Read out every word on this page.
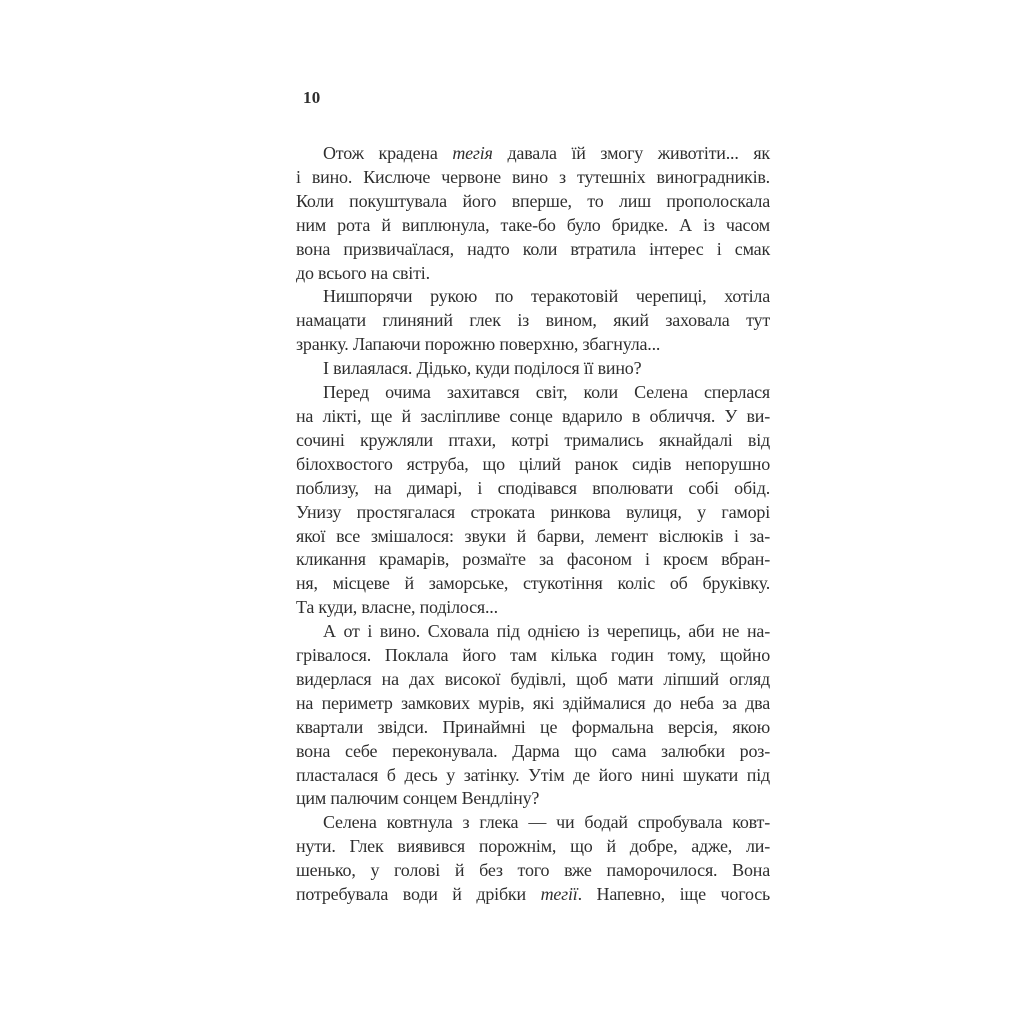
10
Отож крадена тегія давала їй змогу животіти... як
і вино. Кислюче червоне вино з тутешніх виноградників.
Коли покуштувала його вперше, то лиш прополоскала
ним рота й виплюнула, таке-бо було бридке. А із часом
вона призвичаїлася, надто коли втратила інтерес і смак
до всього на світі.
Нишпорячи рукою по теракотовій черепиці, хотіла
намацати глиняний глек із вином, який заховала тут
зранку. Лапаючи порожню поверхню, збагнула...
І вилаялася. Дідько, куди поділося її вино?
Перед очима захитався світ, коли Селена сперлася
на лікті, ще й засліпливе сонце вдарило в обличчя. У ви-
сочині кружляли птахи, котрі тримались якнайдалі від
білохвостого яструба, що цілий ранок сидів непорушно
поблизу, на димарі, і сподівався вполювати собі обід.
Унизу простягалася строката ринкова вулиця, у гаморі
якої все змішалося: звуки й барви, лемент віслюків і за-
кликання крамарів, розмаїте за фасоном і кроєм вбран-
ня, місцеве й заморське, стукотіння коліс об бруківку.
Та куди, власне, поділося...
А от і вино. Сховала під однією із черепиць, аби не на-
грівалося. Поклала його там кілька годин тому, щойно
видерлася на дах високої будівлі, щоб мати ліпший огляд
на периметр замкових мурів, які здіймалися до неба за два
квартали звідси. Принаймні це формальна версія, якою
вона себе переконувала. Дарма що сама залюбки роз-
пласталася б десь у затінку. Утім де його нині шукати під
цим палючим сонцем Вендліну?
Селена ковтнула з глека — чи бодай спробувала ковт-
нути. Глек виявився порожнім, що й добре, адже, ли-
шенько, у голові й без того вже паморочилося. Вона
потребувала води й дрібки тегії. Напевно, іще чогось
